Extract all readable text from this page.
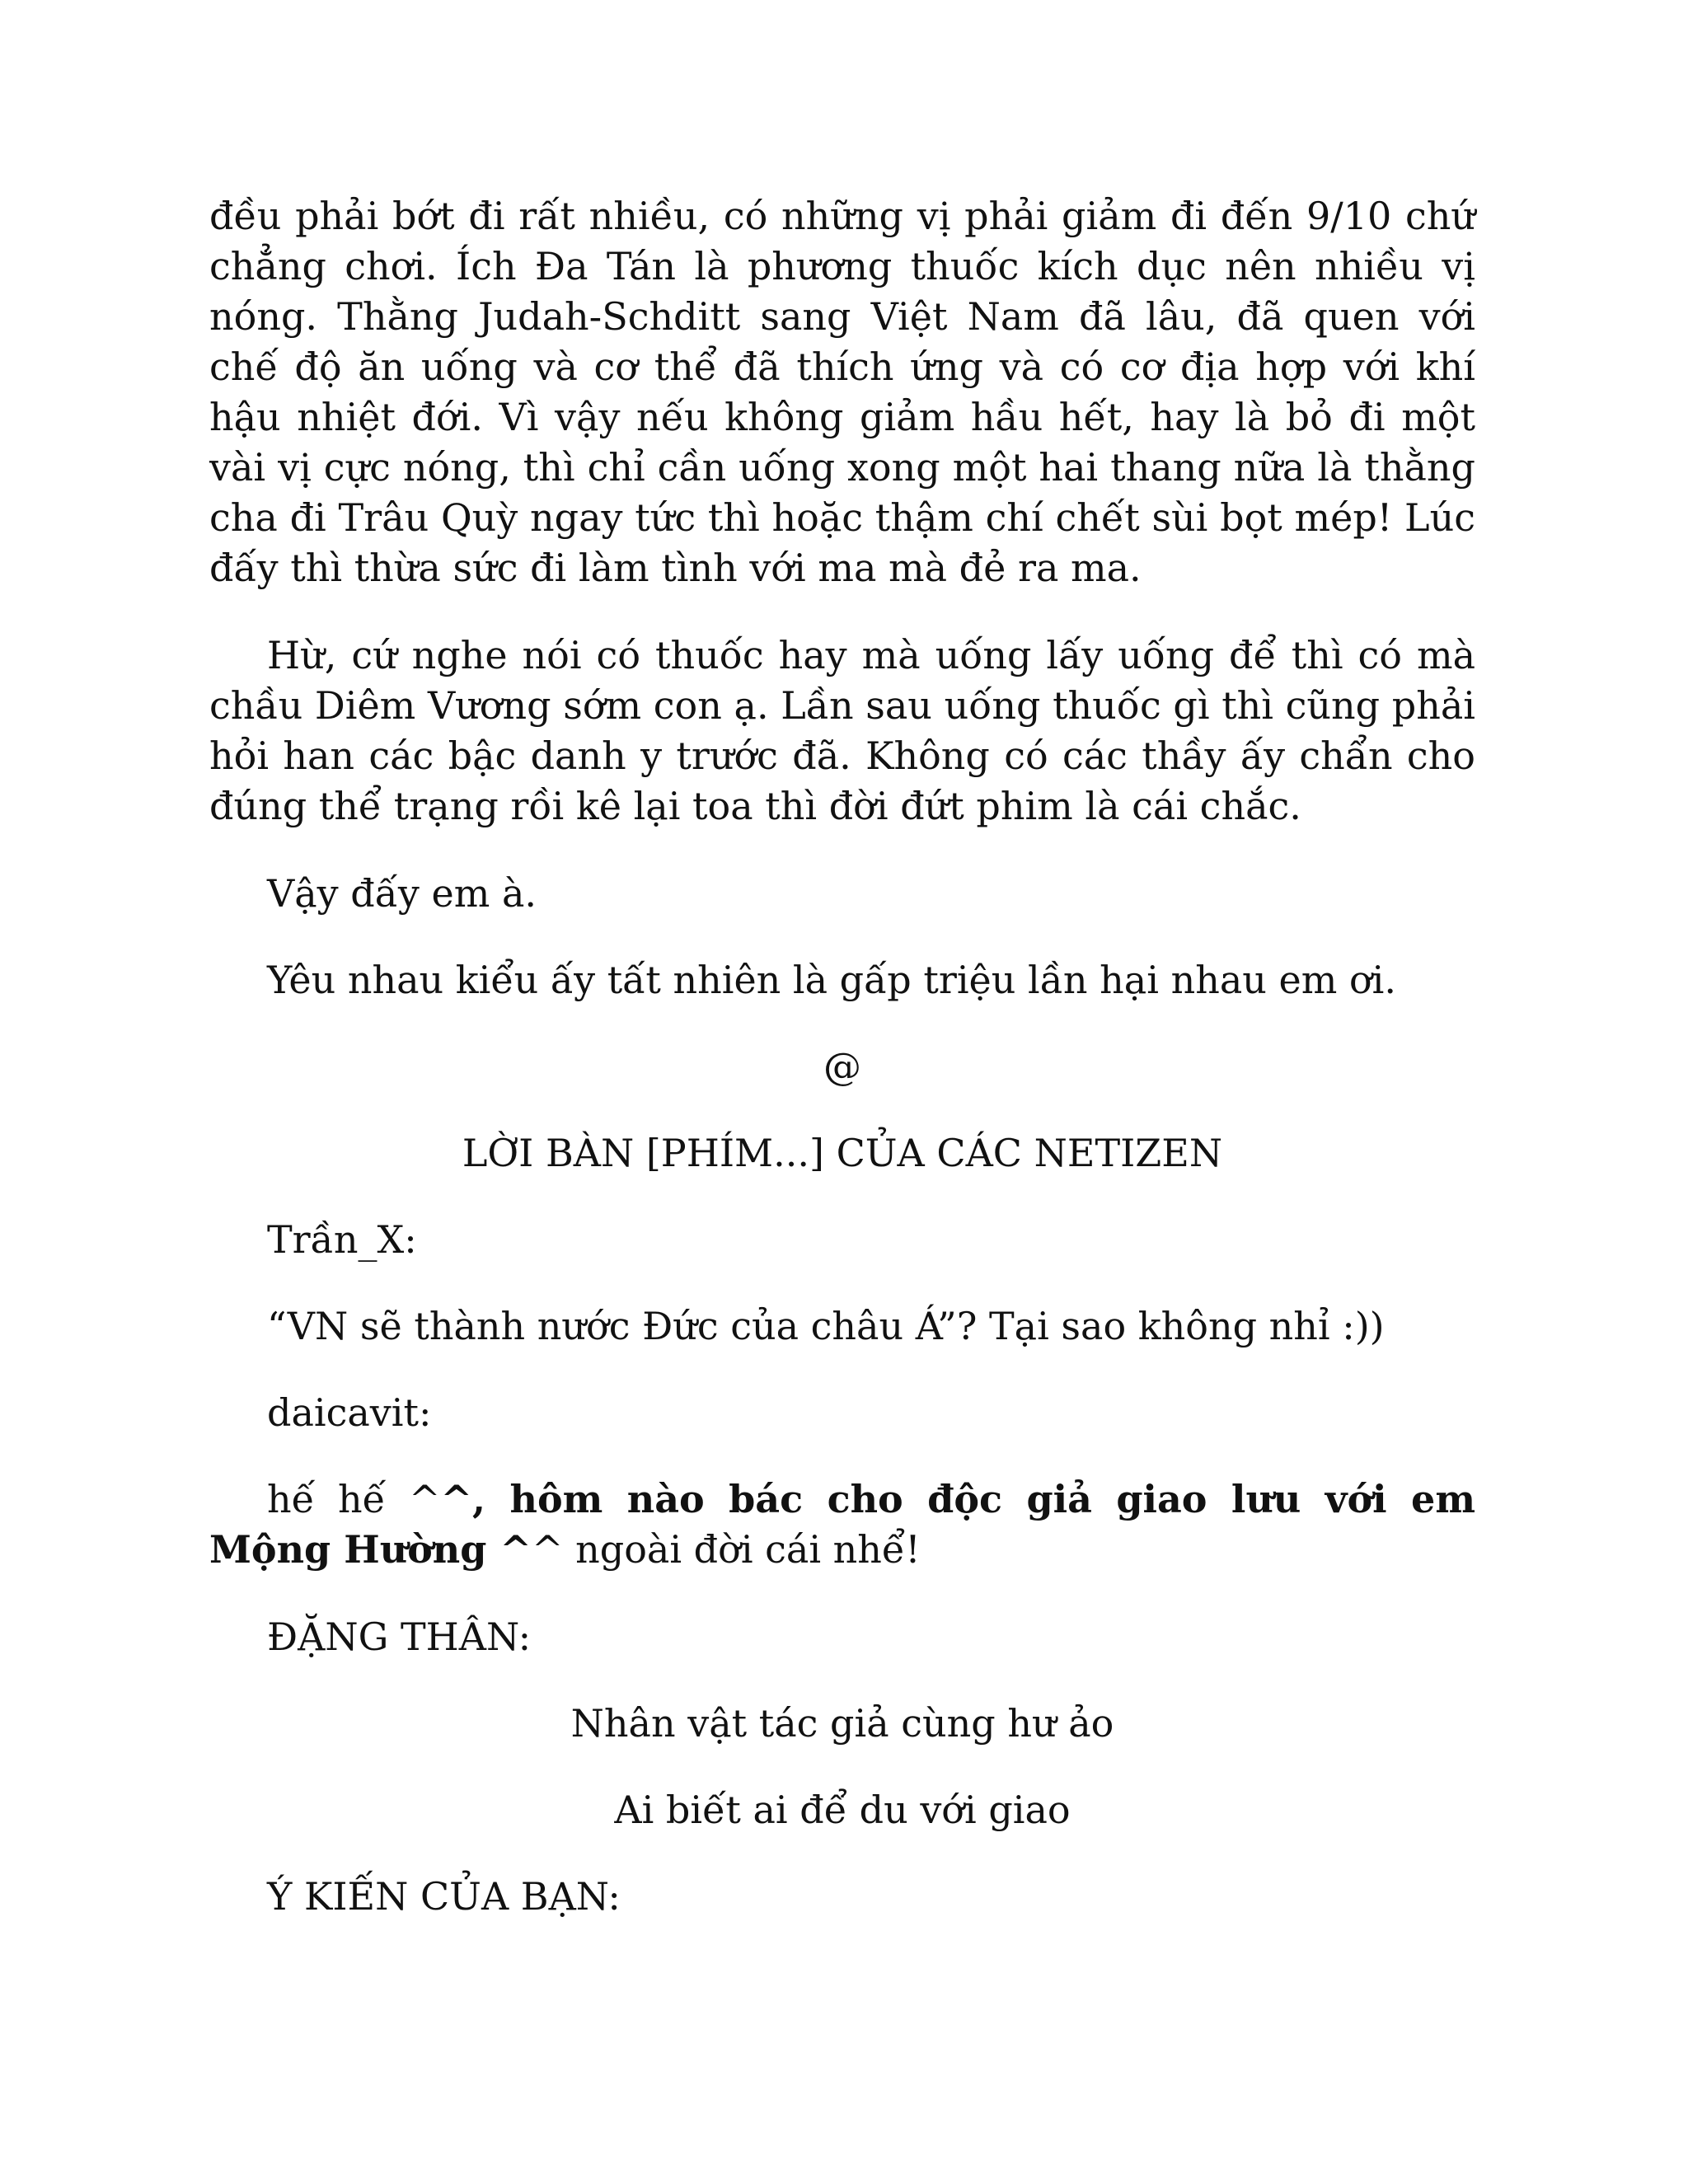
đều phải bớt đi rất nhiều, có những vị phải giảm đi đến 9/10 chứ chẳng chơi. Ích Đa Tán là phương thuốc kích dục nên nhiều vị nóng. Thằng Judah-Schditt sang Việt Nam đã lâu, đã quen với chế độ ăn uống và cơ thể đã thích ứng và có cơ địa hợp với khí hậu nhiệt đới. Vì vậy nếu không giảm hầu hết, hay là bỏ đi một vài vị cực nóng, thì chỉ cần uống xong một hai thang nữa là thằng cha đi Trâu Quỳ ngay tức thì hoặc thậm chí chết sùi bọt mép! Lúc đấy thì thừa sức đi làm tình với ma mà đẻ ra ma.

Hừ, cứ nghe nói có thuốc hay mà uống lấy uống để thì có mà chầu Diêm Vương sớm con ạ. Lần sau uống thuốc gì thì cũng phải hỏi han các bậc danh y trước đã. Không có các thầy ấy chẩn cho đúng thể trạng rồi kê lại toa thì đời đứt phim là cái chắc.

Vậy đấy em à.

Yêu nhau kiểu ấy tất nhiên là gấp triệu lần hại nhau em ơi.

@

LỜI BÀN [PHÍM...] CỦA CÁC NETIZEN

Trần_X:

“VN sẽ thành nước Đức của châu Á”? Tại sao không nhỉ :))

daicavit:

hế hế ^^, hôm nào bác cho độc giả giao lưu với em Mộng Hường ^^ ngoài đời cái nhể!

ĐẶNG THÂN:

Nhân vật tác giả cùng hư ảo

Ai biết ai để du với giao

Ý KIẾN CỦA BẠN:
